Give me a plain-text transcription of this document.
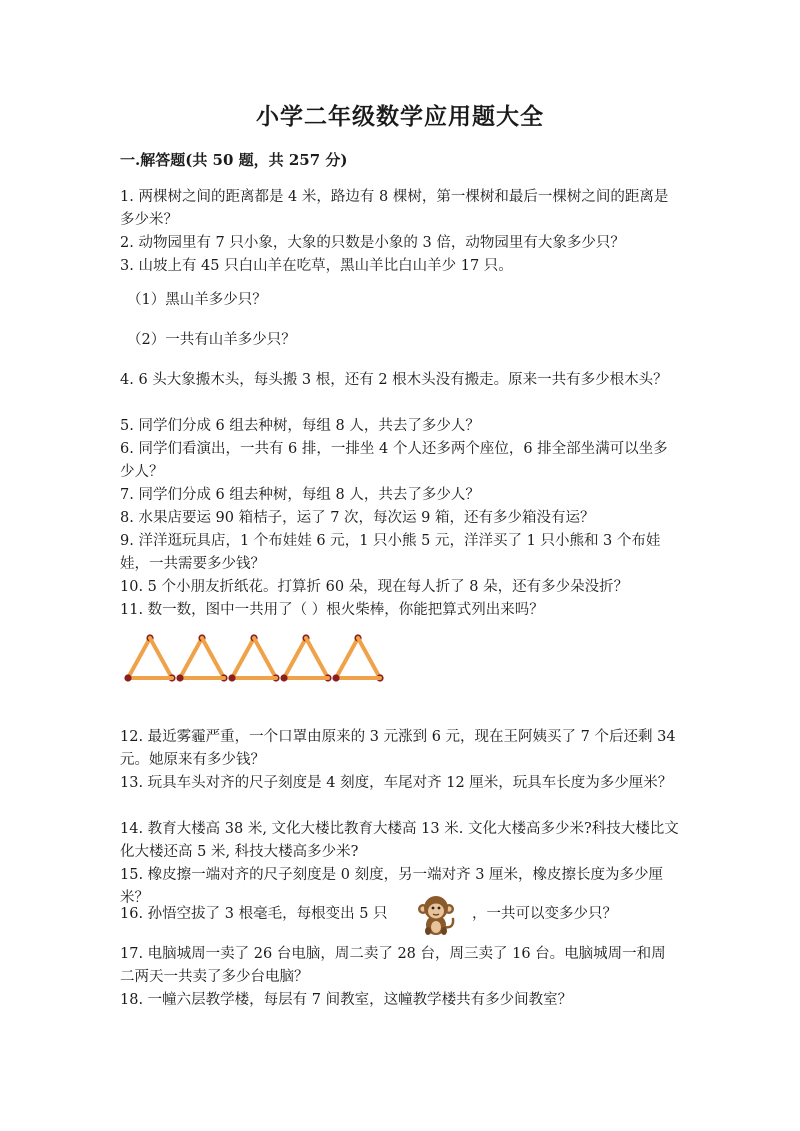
小学二年级数学应用题大全
一.解答题(共 50 题，共 257 分)

1. 两棵树之间的距离都是 4 米，路边有 8 棵树，第一棵树和最后一棵树之间的距离是多少米？

2. 动物园里有 7 只小象，大象的只数是小象的 3 倍，动物园里有大象多少只？

3. 山坡上有 45 只白山羊在吃草，黑山羊比白山羊少 17 只。

（1）黑山羊多少只？

（2）一共有山羊多少只？

4. 6 头大象搬木头，每头搬 3 根，还有 2 根木头没有搬走。原来一共有多少根木头？

5. 同学们分成 6 组去种树，每组 8 人，共去了多少人？

6. 同学们看演出，一共有 6 排，一排坐 4 个人还多两个座位，6 排全部坐满可以坐多少人？

7. 同学们分成 6 组去种树，每组 8 人，共去了多少人？

8. 水果店要运 90 箱桔子，运了 7 次，每次运 9 箱，还有多少箱没有运？

9. 洋洋逛玩具店，1 个布娃娃 6 元，1 只小熊 5 元，洋洋买了 1 只小熊和 3 个布娃娃，一共需要多少钱？

10. 5 个小朋友折纸花。打算折 60 朵，现在每人折了 8 朵，还有多少朵没折？

11. 数一数，图中一共用了（ ）根火柴棒，你能把算式列出来吗？

12. 最近雾霾严重，一个口罩由原来的 3 元涨到 6 元，现在王阿姨买了 7 个后还剩 34 元。她原来有多少钱？

13. 玩具车头对齐的尺子刻度是 4 刻度，车尾对齐 12 厘米，玩具车长度为多少厘米？

14. 教育大楼高 38 米, 文化大楼比教育大楼高 13 米. 文化大楼高多少米?科技大楼比文化大楼还高 5 米, 科技大楼高多少米?

15. 橡皮擦一端对齐的尺子刻度是 0 刻度，另一端对齐 3 厘米，橡皮擦长度为多少厘米？

16. 孙悟空拔了 3 根毫毛，每根变出 5 只	，一共可以变多少只？

17. 电脑城周一卖了 26 台电脑，周二卖了 28 台，周三卖了 16 台。电脑城周一和周二两天一共卖了多少台电脑？

18. 一幢六层教学楼，每层有 7 间教室，这幢教学楼共有多少间教室？
